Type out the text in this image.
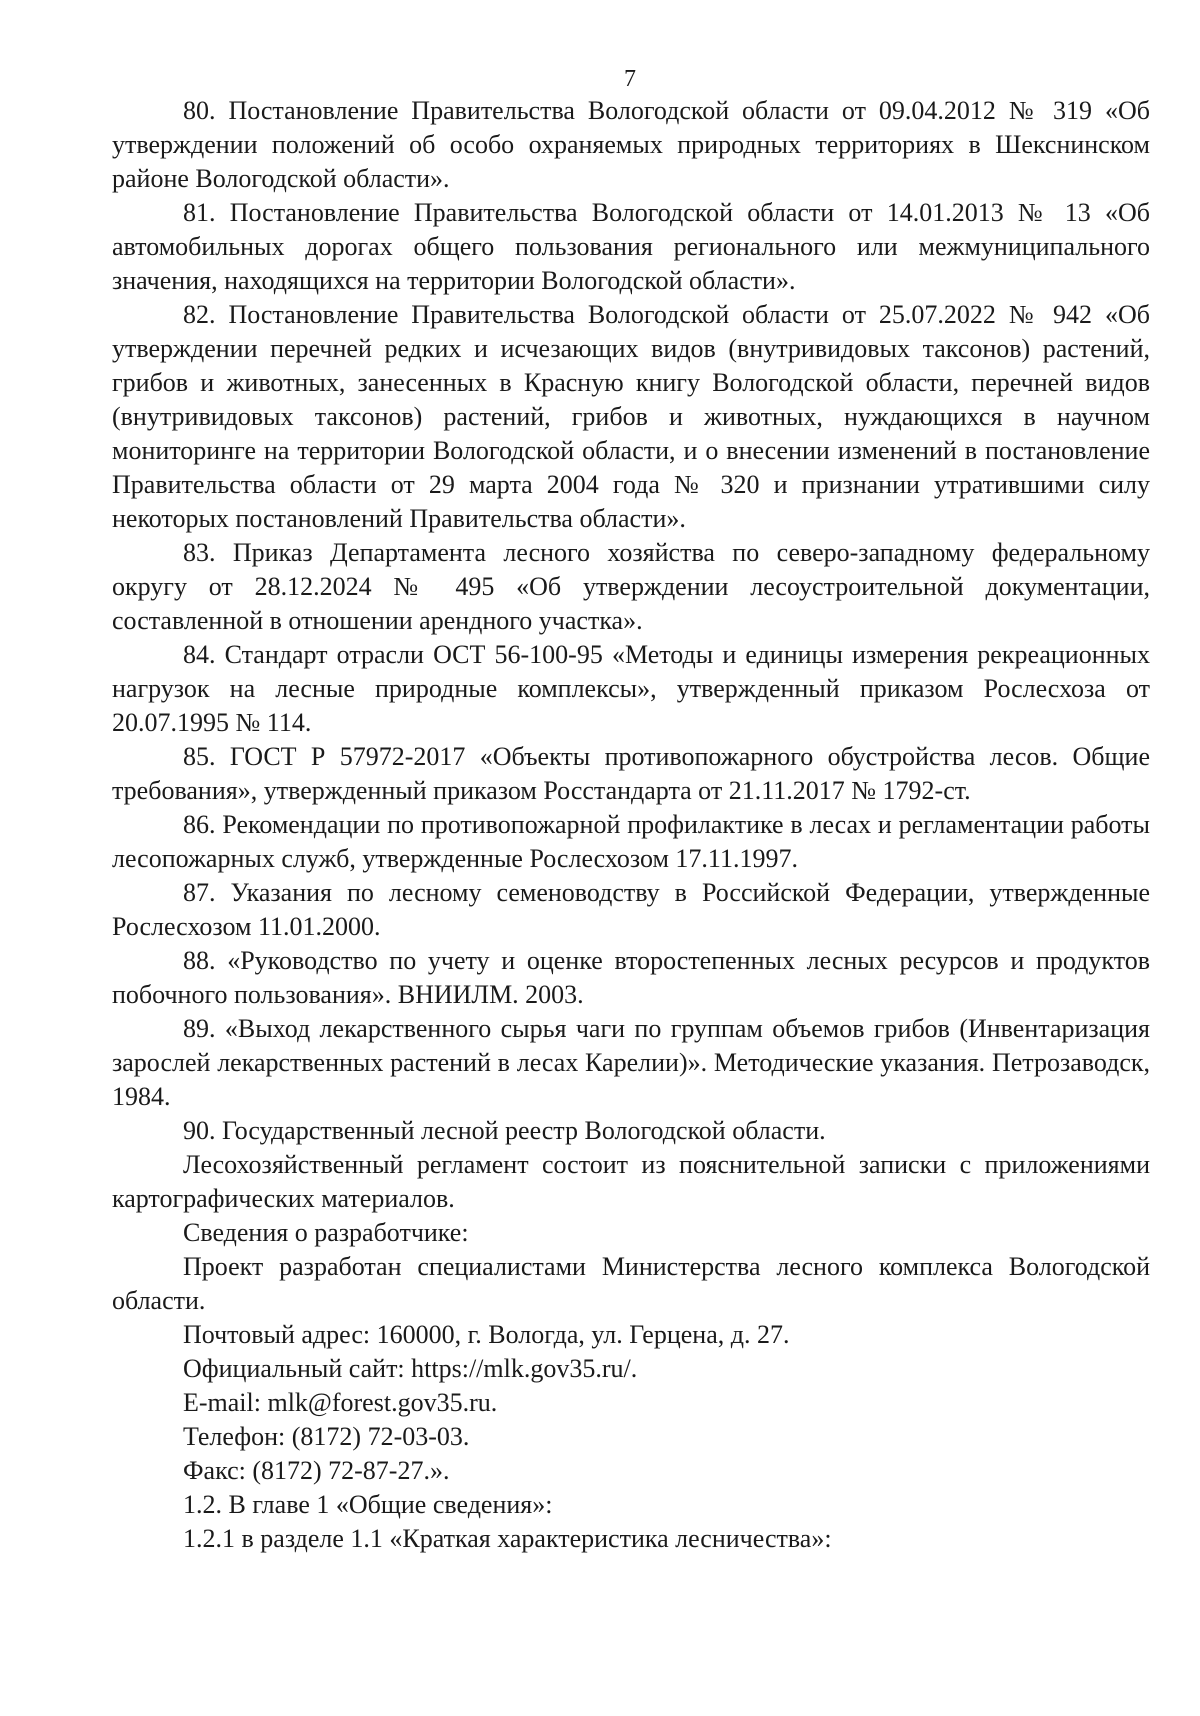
7

80. Постановление Правительства Вологодской области от 09.04.2012 № 319 «Об утверждении положений об особо охраняемых природных территориях в Шекснинском районе Вологодской области».

81. Постановление Правительства Вологодской области от 14.01.2013 № 13 «Об автомобильных дорогах общего пользования регионального или межмуниципального значения, находящихся на территории Вологодской области».

82. Постановление Правительства Вологодской области от 25.07.2022 № 942 «Об утверждении перечней редких и исчезающих видов (внутривидовых таксонов) растений, грибов и животных, занесенных в Красную книгу Вологодской области, перечней видов (внутривидовых таксонов) растений, грибов и животных, нуждающихся в научном мониторинге на территории Вологодской области, и о внесении изменений в постановление Правительства области от 29 марта 2004 года № 320 и признании утратившими силу некоторых постановлений Правительства области».

83. Приказ Департамента лесного хозяйства по северо-западному федеральному округу от 28.12.2024 № 495 «Об утверждении лесоустроительной документации, составленной в отношении арендного участка».

84. Стандарт отрасли ОСТ 56-100-95 «Методы и единицы измерения рекреационных нагрузок на лесные природные комплексы», утвержденный приказом Рослесхоза от 20.07.1995 № 114.

85. ГОСТ Р 57972-2017 «Объекты противопожарного обустройства лесов. Общие требования», утвержденный приказом Росстандарта от 21.11.2017 № 1792-ст.

86. Рекомендации по противопожарной профилактике в лесах и регламентации работы лесопожарных служб, утвержденные Рослесхозом 17.11.1997.

87. Указания по лесному семеноводству в Российской Федерации, утвержденные Рослесхозом 11.01.2000.

88. «Руководство по учету и оценке второстепенных лесных ресурсов и продуктов побочного пользования». ВНИИЛМ. 2003.

89. «Выход лекарственного сырья чаги по группам объемов грибов (Инвентаризация зарослей лекарственных растений в лесах Карелии)». Методические указания. Петрозаводск, 1984.

90. Государственный лесной реестр Вологодской области.

Лесохозяйственный регламент состоит из пояснительной записки с приложениями картографических материалов.

Сведения о разработчике:

Проект разработан специалистами Министерства лесного комплекса Вологодской области.

Почтовый адрес: 160000, г. Вологда, ул. Герцена, д. 27.

Официальный сайт: https://mlk.gov35.ru/.

E-mail: mlk@forest.gov35.ru.

Телефон: (8172) 72-03-03.

Факс: (8172) 72-87-27.».

1.2. В главе 1 «Общие сведения»:

1.2.1 в разделе 1.1 «Краткая характеристика лесничества»:
